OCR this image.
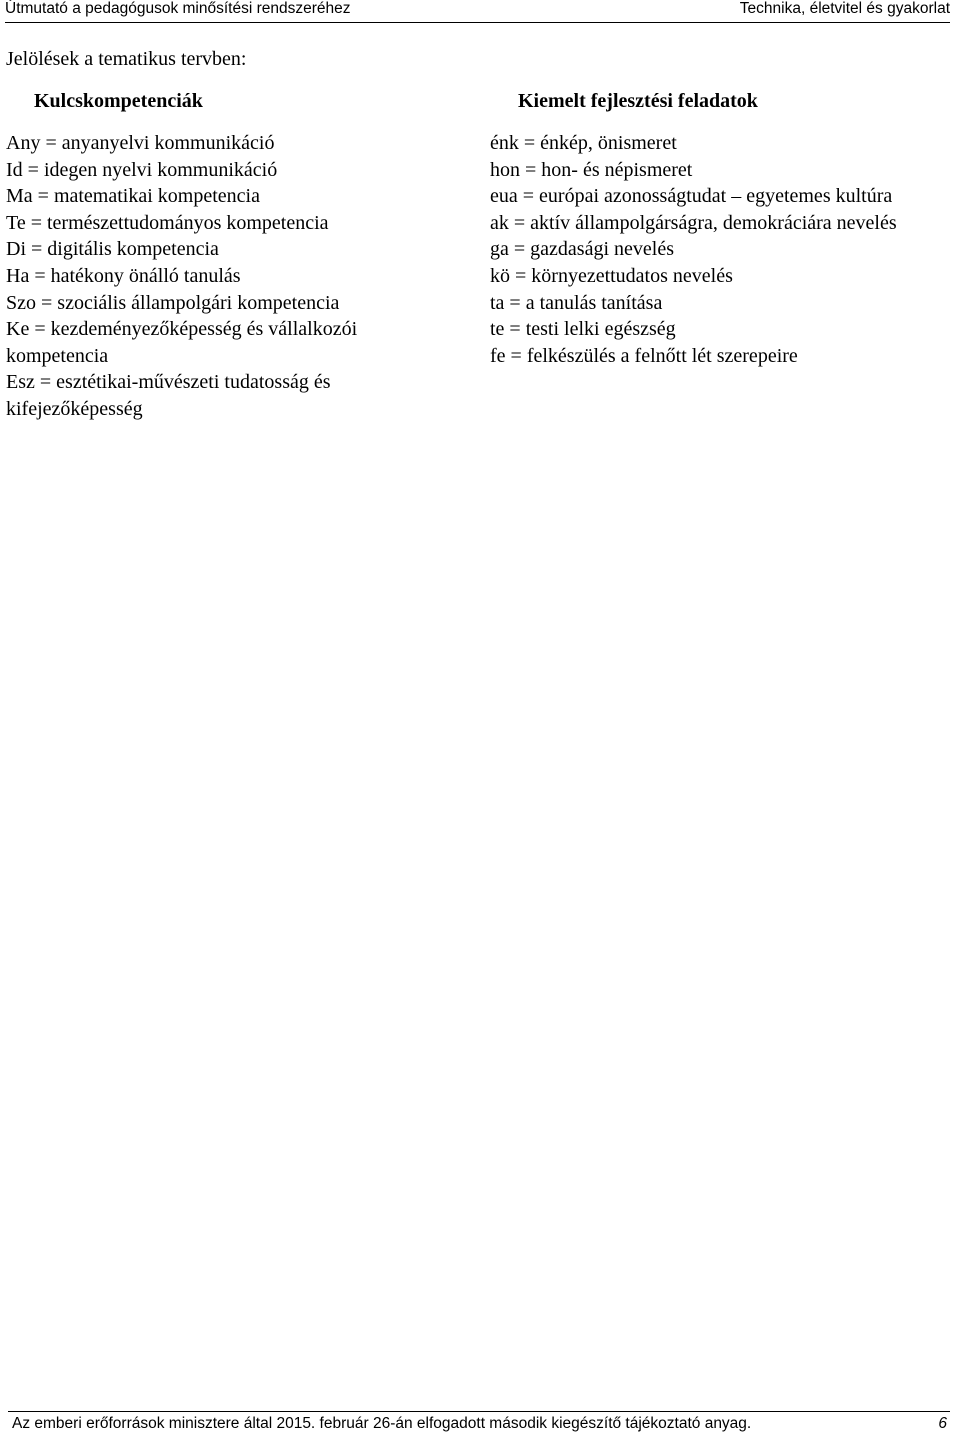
Útmutató a pedagógusok minősítési rendszeréhez	Technika, életvitel és gyakorlat
Jelölések a tematikus tervben:
Kulcskompetenciák	Kiemelt fejlesztési feladatok
Any = anyanyelvi kommunikáció
Id = idegen nyelvi kommunikáció
Ma = matematikai kompetencia
Te = természettudományos kompetencia
Di = digitális kompetencia
Ha = hatékony önálló tanulás
Szo = szociális állampolgári kompetencia
Ke = kezdeményezőképesség és vállalkozói kompetencia
Esz = esztétikai-művészeti tudatosság és kifejezőképesség
énk = énkép, önismeret
hon = hon- és népismeret
eua = európai azonosságtudat – egyetemes kultúra
ak = aktív állampolgárságra, demokráciára nevelés
ga = gazdasági nevelés
kö = környezettudatos nevelés
ta = a tanulás tanítása
te = testi lelki egészség
fe = felkészülés a felnőtt lét szerepeire
Az emberi erőforrások minisztere által 2015. február 26-án elfogadott második kiegészítő tájékoztató anyag.	6
